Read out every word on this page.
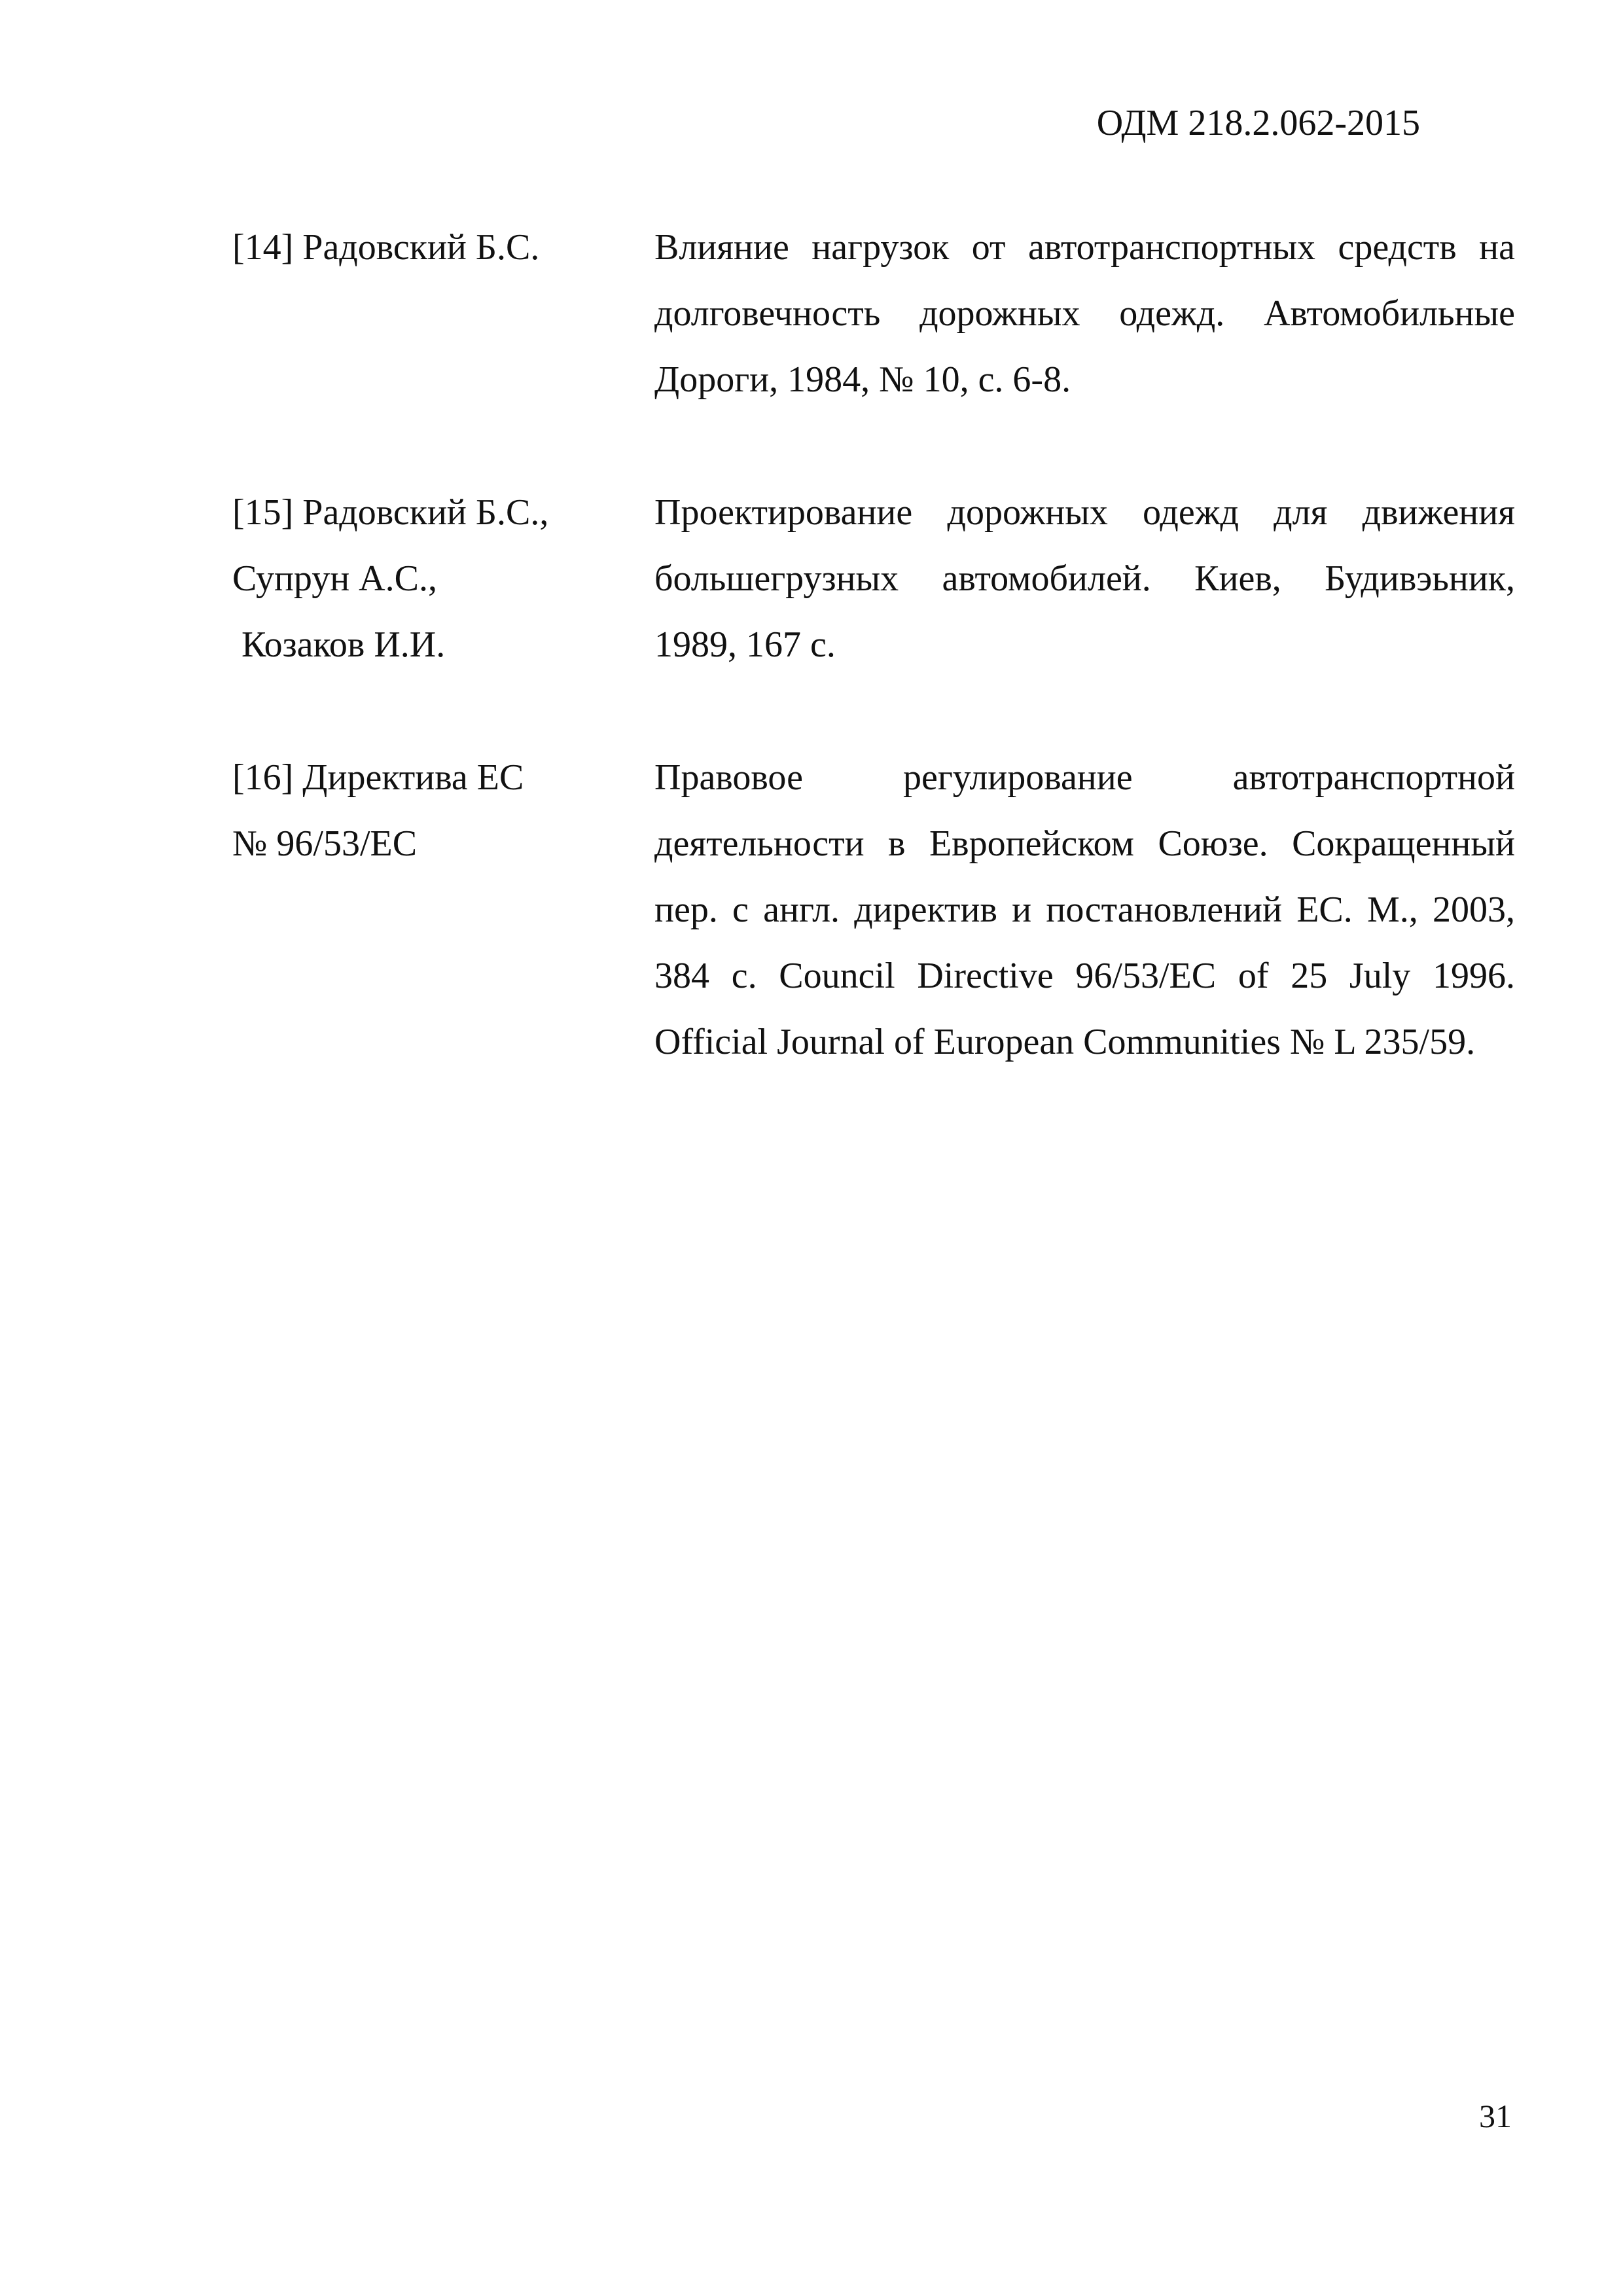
ОДМ 218.2.062-2015
[14] Радовский Б.С.	Влияние нагрузок от автотранспортных средств на
долговечность дорожных одежд. Автомобильные
Дороги, 1984, № 10, с. 6-8.
[15] Радовский Б.С.,
Супрун А.С.,
Козаков И.И.
Проектирование дорожных одежд для движения
большегрузных автомобилей. Киев, Будивэьник,
1989, 167 с.
[16] Директива ЕС
№ 96/53/ЕС
Правовое регулирование автотранспортной
деятельности в Европейском Союзе. Сокращенный
пер. с англ. директив и постановлений ЕС. М., 2003,
384 с. Council Directive 96/53/EC of 25 July 1996.
Official Journal of European Communities № L 235/59.
31
